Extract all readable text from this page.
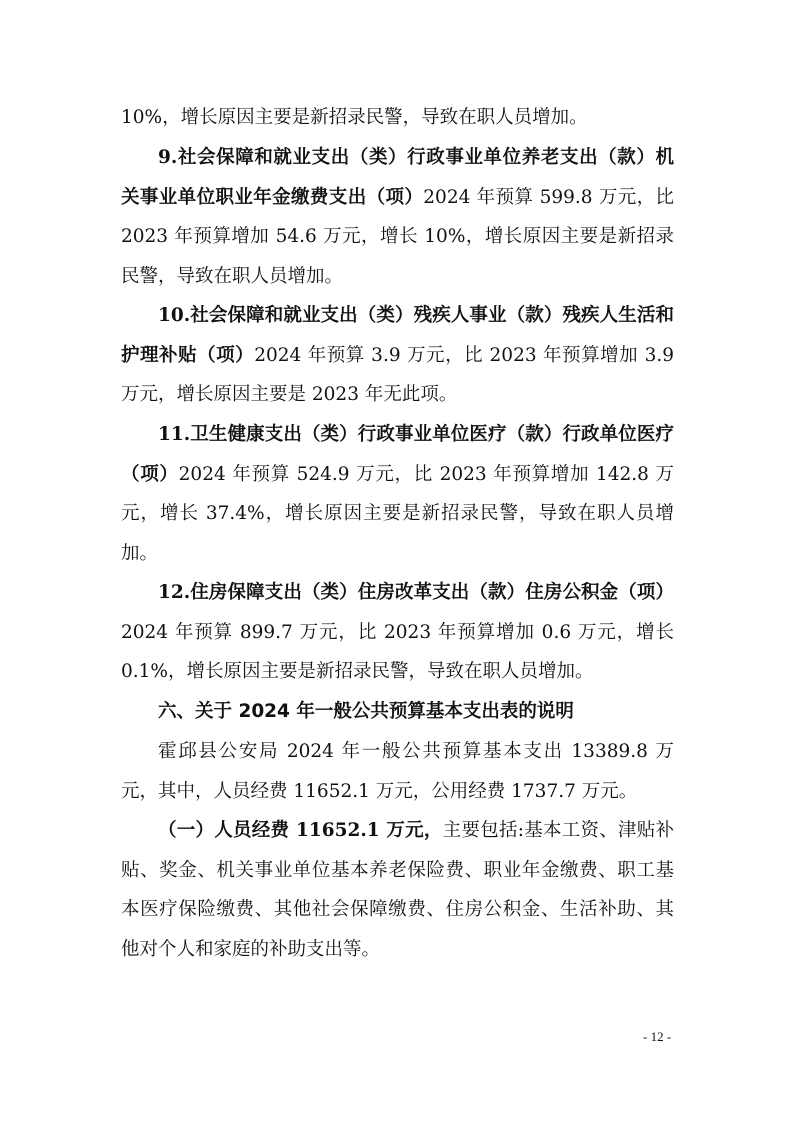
10%，增长原因主要是新招录民警，导致在职人员增加。

9.社会保障和就业支出（类）行政事业单位养老支出（款）机关事业单位职业年金缴费支出（项）2024 年预算 599.8 万元，比 2023 年预算增加 54.6 万元，增长 10%，增长原因主要是新招录民警，导致在职人员增加。

10.社会保障和就业支出（类）残疾人事业（款）残疾人生活和护理补贴（项）2024 年预算 3.9 万元，比 2023 年预算增加 3.9 万元，增长原因主要是 2023 年无此项。

11.卫生健康支出（类）行政事业单位医疗（款）行政单位医疗（项）2024 年预算 524.9 万元，比 2023 年预算增加 142.8 万元，增长 37.4%，增长原因主要是新招录民警，导致在职人员增加。

12.住房保障支出（类）住房改革支出（款）住房公积金（项）2024 年预算 899.7 万元，比 2023 年预算增加 0.6 万元，增长 0.1%，增长原因主要是新招录民警，导致在职人员增加。

六、关于 2024 年一般公共预算基本支出表的说明

霍邱县公安局 2024 年一般公共预算基本支出 13389.8 万元，其中，人员经费 11652.1 万元，公用经费 1737.7 万元。

（一）人员经费 11652.1 万元，主要包括:基本工资、津贴补贴、奖金、机关事业单位基本养老保险费、职业年金缴费、职工基本医疗保险缴费、其他社会保障缴费、住房公积金、生活补助、其他对个人和家庭的补助支出等。

- 12 -
